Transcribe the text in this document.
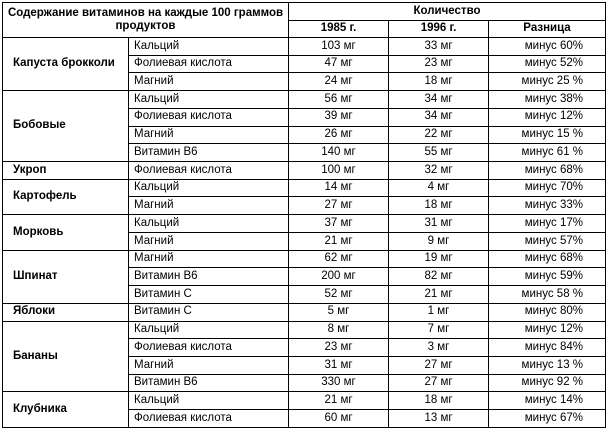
Содержание витаминов на каждые 100 граммов продуктов		Количество		
		1985 г.	1996 г.	Разница
Капуста брокколи	Кальций	103 мг	33 мг	минус 60%
	Фолиевая кислота	47 мг	23 мг	минус 52%
	Магний	24 мг	18 мг	минус 25 %
Бобовые	Кальций	56 мг	34 мг	минус 38%
	Фолиевая кислота	39 мг	34 мг	минус 12%
	Магний	26 мг	22 мг	минус 15 %
	Витамин В6	140 мг	55 мг	минус 61 %
Укроп	Фолиевая кислота	100 мг	32 мг	минус 68%
Картофель	Кальций	14 мг	4 мг	минус 70%
	Магний	27 мг	18 мг	минус 33%
Морковь	Кальций	37 мг	31 мг	минус 17%
	Магний	21 мг	9 мг	минус 57%
Шпинат	Магний	62 мг	19 мг	минус 68%
	Витамин В6	200 мг	82 мг	минус 59%
	Витамин С	52 мг	21 мг	минус 58 %
Яблоки	Витамин С	5 мг	1 мг	минус 80%
Бананы	Кальций	8 мг	7 мг	минус 12%
	Фолиевая кислота	23 мг	3 мг	минус 84%
	Магний	31 мг	27 мг	минус 13 %
	Витамин В6	330 мг	27 мг	минус 92 %
Клубника	Кальций	21 мг	18 мг	минус 14%
	Фолиевая кислота	60 мг	13 мг	минус 67%
